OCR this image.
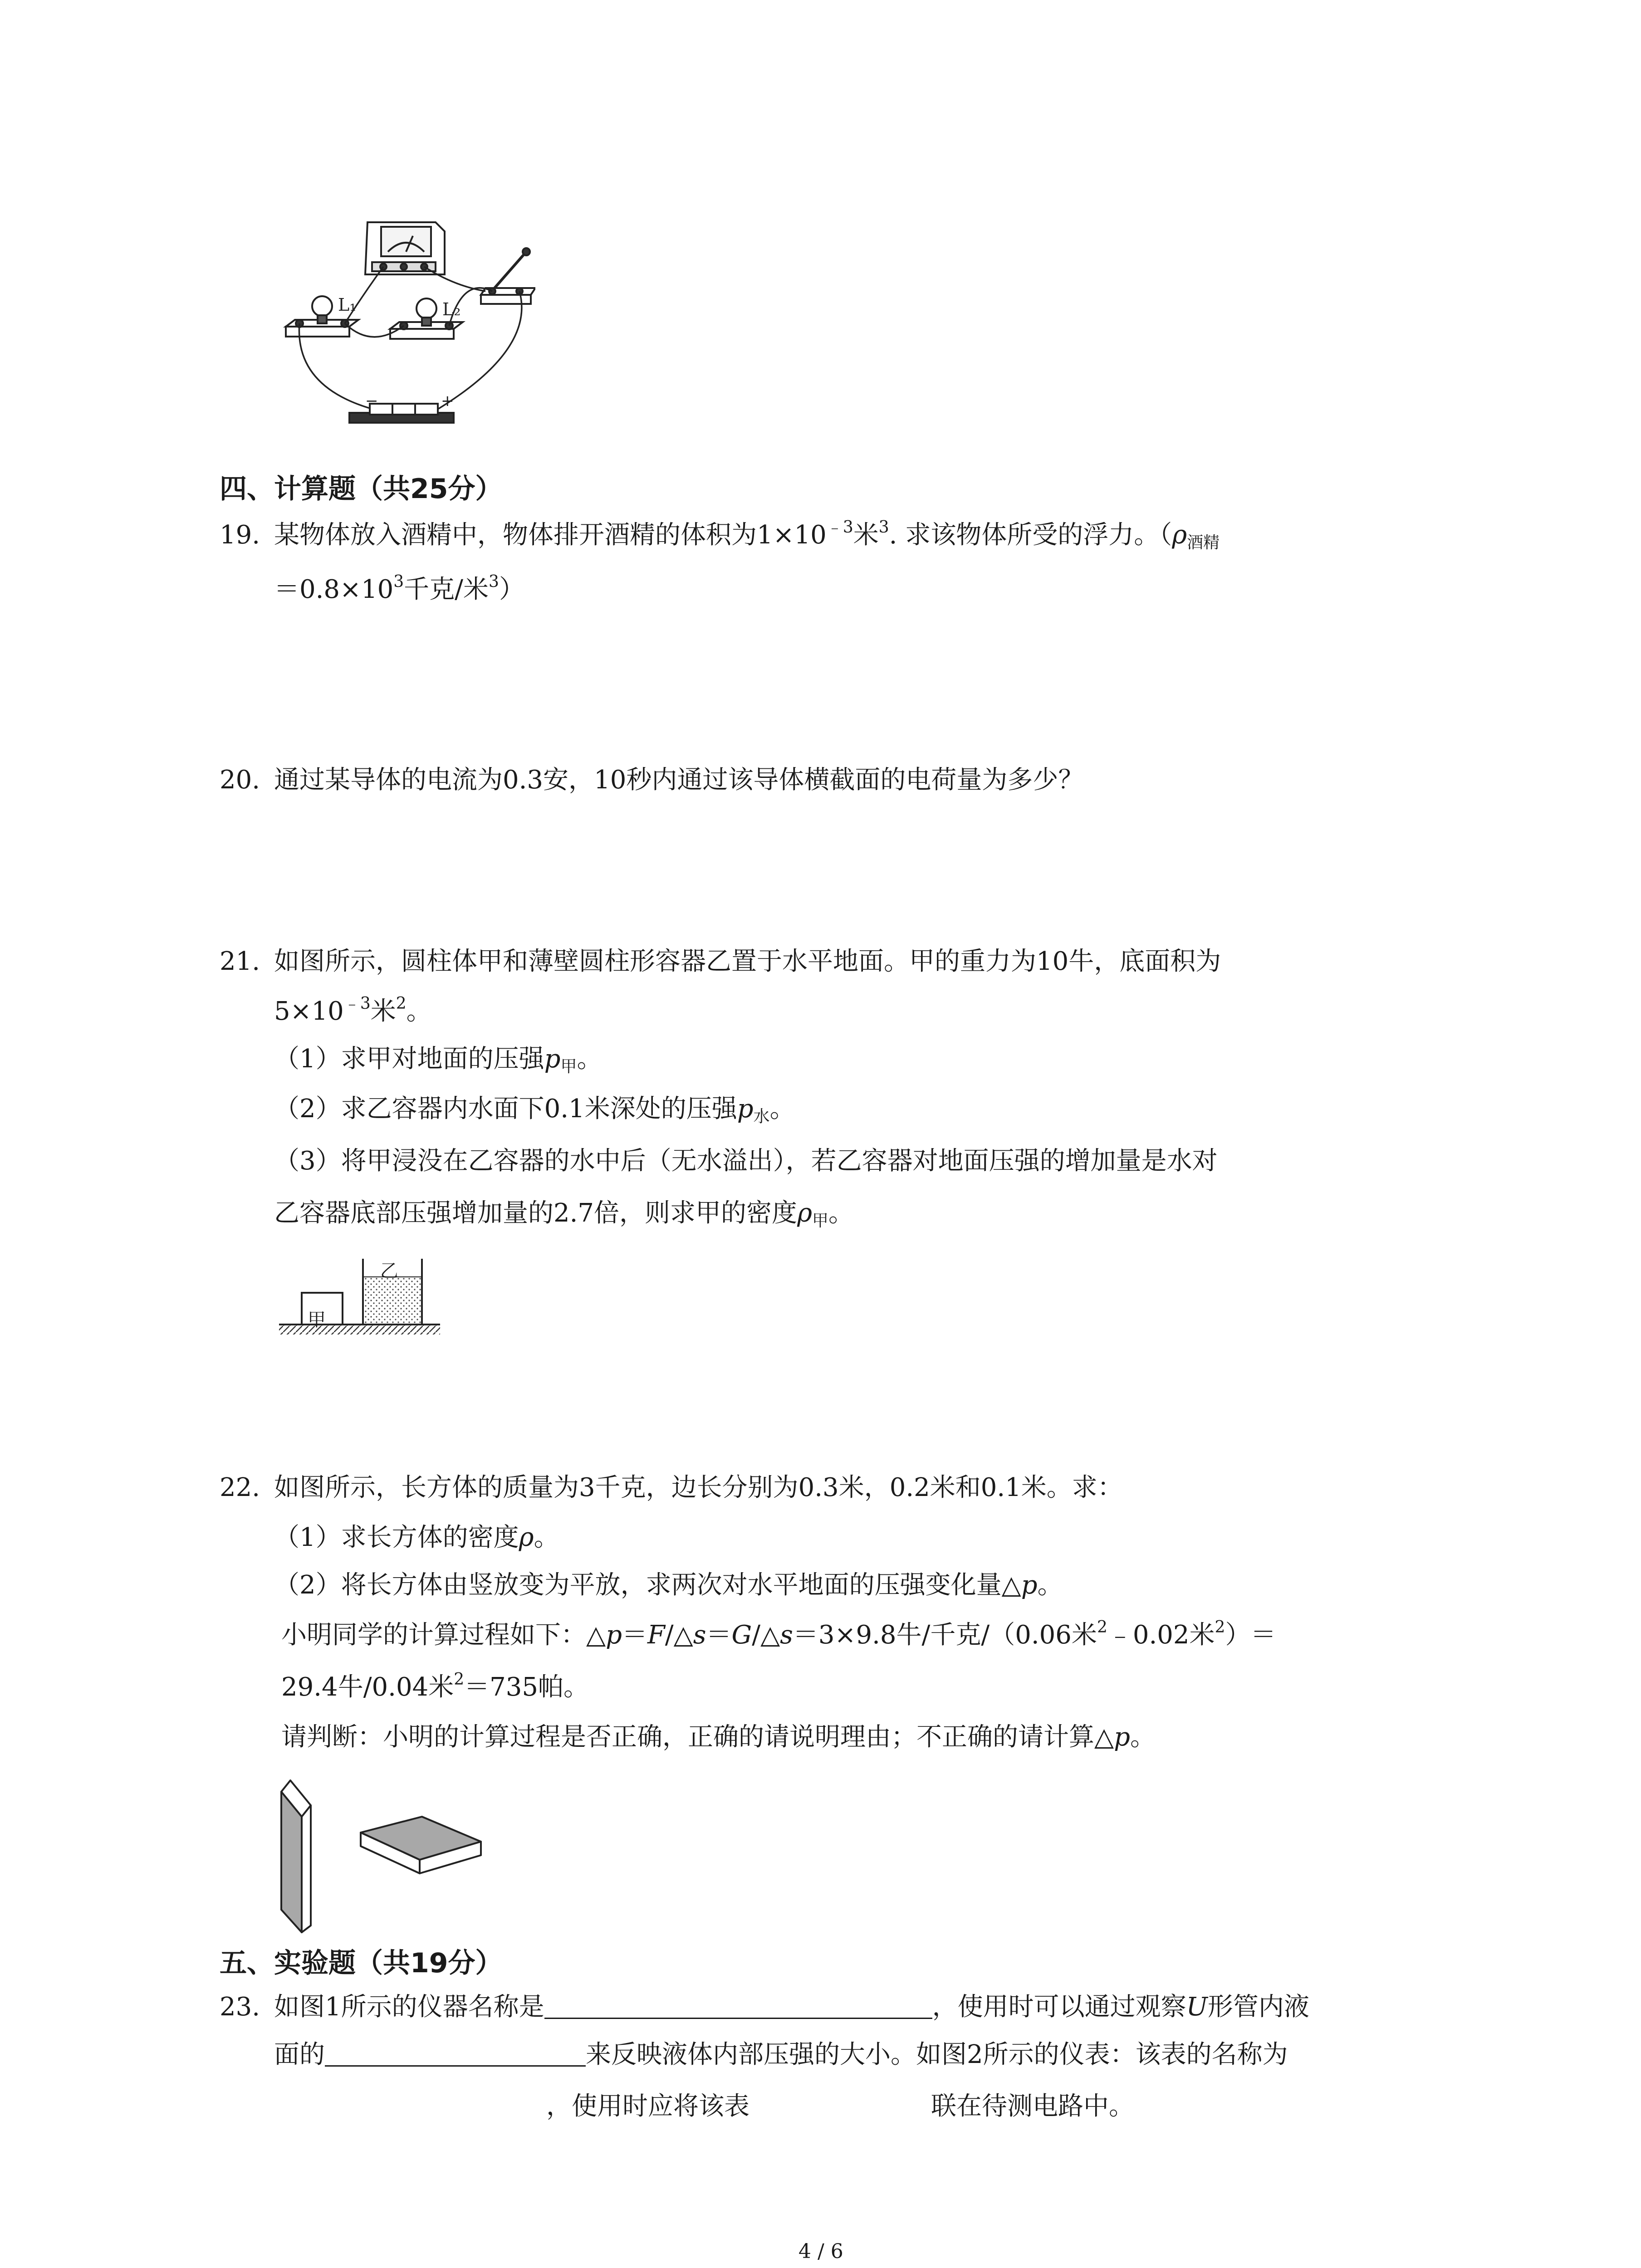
L₁	L₂
−	+
四、计算题（共25分）
19. 某物体放入酒精中，物体排开酒精的体积为$1\times 10^{﹣3}$米$^3$. 求该物体所受的浮力。（$\rho_{酒精}$
$=0.8\times 10^3$千克/米$^3$）
20. 通过某导体的电流为0.3安，10秒内通过该导体横截面的电荷量为多少？
21. 如图所示，圆柱体甲和薄壁圆柱形容器乙置于水平地面。甲的重力为10牛，底面积为
$5\times 10^{﹣3}$米$^2$。
（1）求甲对地面的压强$p_甲$。
（2）求乙容器内水面下0.1米深处的压强$p_水$。
（3）将甲浸没在乙容器的水中后（无水溢出），若乙容器对地面压强的增加量是水对
乙容器底部压强增加量的2.7倍，则求甲的密度$\rho_甲$。
甲
乙
22. 如图所示，长方体的质量为3千克，边长分别为0.3米，0.2米和0.1米。求：
（1）求长方体的密度ρ。
（2）将长方体由竖放变为平放，求两次对水平地面的压强变化量△p。
小明同学的计算过程如下：△p＝F/△s＝G/△s＝3×9.8牛/千克/（0.06米$^2$﹣0.02米$^2$）＝
29.4牛/0.04米$^2$＝735帕。
请判断：小明的计算过程是否正确，正确的请说明理由；不正确的请计算△p。
五、实验题（共19分）
23. 如图1所示的仪器名称是	，使用时可以通过观察U形管内液
面的	来反映液体内部压强的大小。如图2所示的仪表：该表的名称为
，使用时应将该表	联在待测电路中。
4 / 6
